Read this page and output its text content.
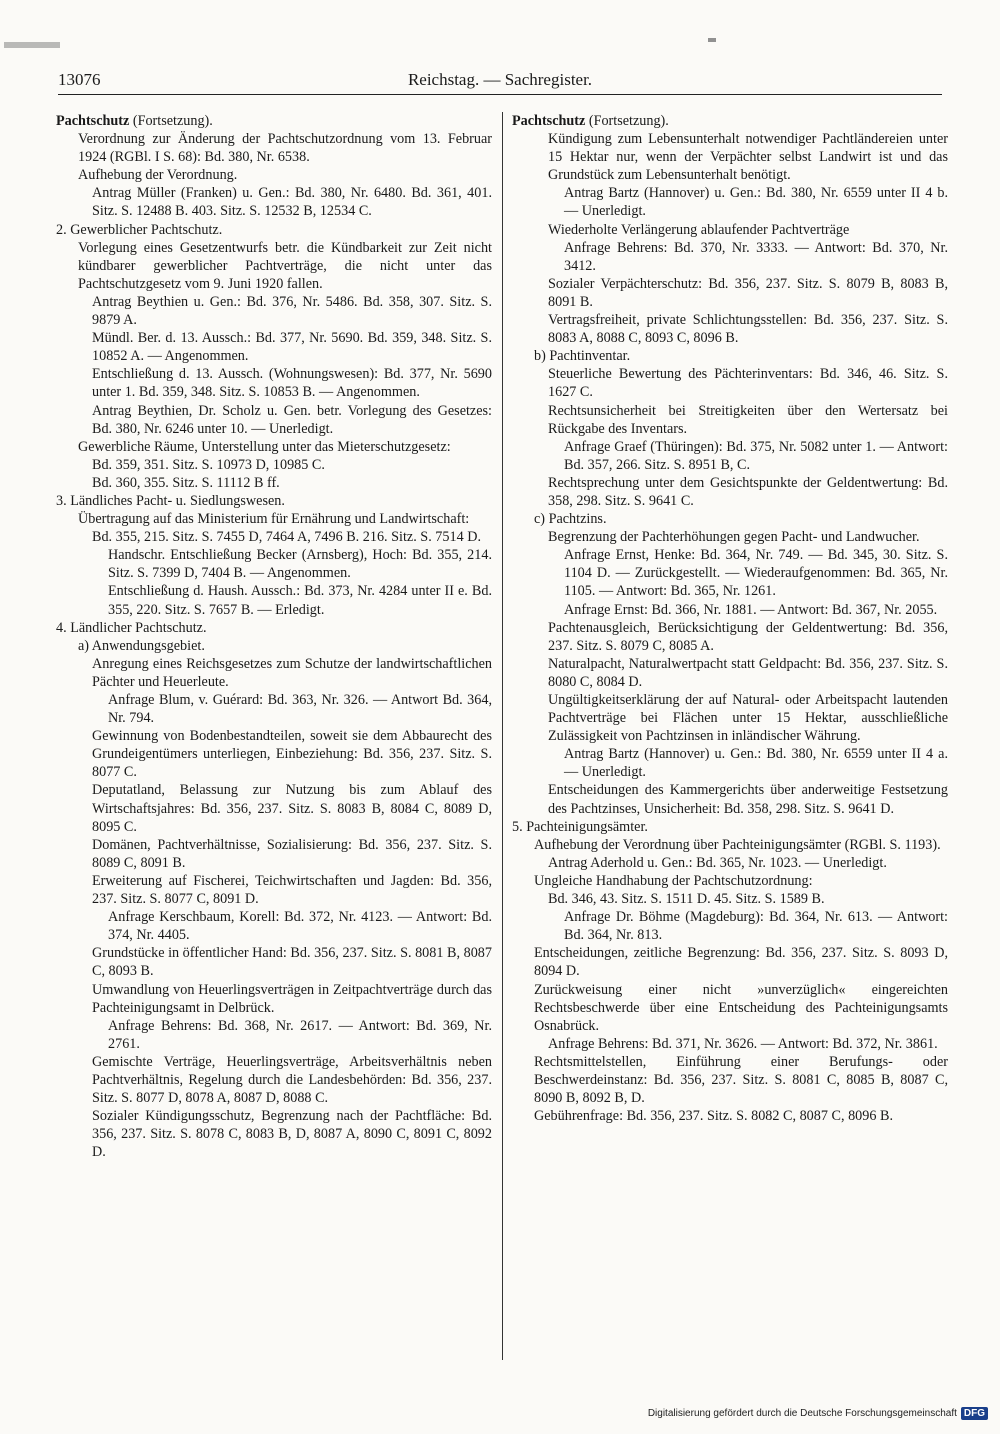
13076	Reichstag. — Sachregister.

Pachtschutz (Fortsetzung).

Verordnung zur Änderung der Pachtschutzordnung vom 13. Februar 1924 (RGBl. I S. 68): Bd. 380, Nr. 6538.

Aufhebung der Verordnung.

Antrag Müller (Franken) u. Gen.: Bd. 380, Nr. 6480. Bd. 361, 401. Sitz. S. 12488 B. 403. Sitz. S. 12532 B, 12534 C.

2. Gewerblicher Pachtschutz.

Vorlegung eines Gesetzentwurfs betr. die Kündbarkeit zur Zeit nicht kündbarer gewerblicher Pachtverträge, die nicht unter das Pachtschutzgesetz vom 9. Juni 1920 fallen.

Antrag Beythien u. Gen.: Bd. 376, Nr. 5486. Bd. 358, 307. Sitz. S. 9879 A.

Mündl. Ber. d. 13. Aussch.: Bd. 377, Nr. 5690. Bd. 359, 348. Sitz. S. 10852 A. — Angenommen.

Entschließung d. 13. Aussch. (Wohnungswesen): Bd. 377, Nr. 5690 unter 1. Bd. 359, 348. Sitz. S. 10853 B. — Angenommen.

Antrag Beythien, Dr. Scholz u. Gen. betr. Vorlegung des Gesetzes: Bd. 380, Nr. 6246 unter 10. — Unerledigt.

Gewerbliche Räume, Unterstellung unter das Mieterschutzgesetz:

Bd. 359, 351. Sitz. S. 10973 D, 10985 C.

Bd. 360, 355. Sitz. S. 11112 B ff.

3. Ländliches Pacht- u. Siedlungswesen.

Übertragung auf das Ministerium für Ernährung und Landwirtschaft:

Bd. 355, 215. Sitz. S. 7455 D, 7464 A, 7496 B. 216. Sitz. S. 7514 D.

Handschr. Entschließung Becker (Arnsberg), Hoch: Bd. 355, 214. Sitz. S. 7399 D, 7404 B. — Angenommen.

Entschließung d. Haush. Aussch.: Bd. 373, Nr. 4284 unter II e. Bd. 355, 220. Sitz. S. 7657 B. — Erledigt.

4. Ländlicher Pachtschutz.

a) Anwendungsgebiet.

Anregung eines Reichsgesetzes zum Schutze der landwirtschaftlichen Pächter und Heuerleute.

Anfrage Blum, v. Guérard: Bd. 363, Nr. 326. — Antwort Bd. 364, Nr. 794.

Gewinnung von Bodenbestandteilen, soweit sie dem Abbaurecht des Grundeigentümers unterliegen, Einbeziehung: Bd. 356, 237. Sitz. S. 8077 C.

Deputatland, Belassung zur Nutzung bis zum Ablauf des Wirtschaftsjahres: Bd. 356, 237. Sitz. S. 8083 B, 8084 C, 8089 D, 8095 C.

Domänen, Pachtverhältnisse, Sozialisierung: Bd. 356, 237. Sitz. S. 8089 C, 8091 B.

Erweiterung auf Fischerei, Teichwirtschaften und Jagden: Bd. 356, 237. Sitz. S. 8077 C, 8091 D.

Anfrage Kerschbaum, Korell: Bd. 372, Nr. 4123. — Antwort: Bd. 374, Nr. 4405.

Grundstücke in öffentlicher Hand: Bd. 356, 237. Sitz. S. 8081 B, 8087 C, 8093 B.

Umwandlung von Heuerlingsverträgen in Zeitpachtverträge durch das Pachteinigungsamt in Delbrück.

Anfrage Behrens: Bd. 368, Nr. 2617. — Antwort: Bd. 369, Nr. 2761.

Gemischte Verträge, Heuerlingsverträge, Arbeitsverhältnis neben Pachtverhältnis, Regelung durch die Landesbehörden: Bd. 356, 237. Sitz. S. 8077 D, 8078 A, 8087 D, 8088 C.

Sozialer Kündigungsschutz, Begrenzung nach der Pachtfläche: Bd. 356, 237. Sitz. S. 8078 C, 8083 B, D, 8087 A, 8090 C, 8091 C, 8092 D.

Pachtschutz (Fortsetzung).

Kündigung zum Lebensunterhalt notwendiger Pachtländereien unter 15 Hektar nur, wenn der Verpächter selbst Landwirt ist und das Grundstück zum Lebensunterhalt benötigt.

Antrag Bartz (Hannover) u. Gen.: Bd. 380, Nr. 6559 unter II 4 b. — Unerledigt.

Wiederholte Verlängerung ablaufender Pachtverträge

Anfrage Behrens: Bd. 370, Nr. 3333. — Antwort: Bd. 370, Nr. 3412.

Sozialer Verpächterschutz: Bd. 356, 237. Sitz. S. 8079 B, 8083 B, 8091 B.

Vertragsfreiheit, private Schlichtungsstellen: Bd. 356, 237. Sitz. S. 8083 A, 8088 C, 8093 C, 8096 B.

b) Pachtinventar.

Steuerliche Bewertung des Pächterinventars: Bd. 346, 46. Sitz. S. 1627 C.

Rechtsunsicherheit bei Streitigkeiten über den Wertersatz bei Rückgabe des Inventars.

Anfrage Graef (Thüringen): Bd. 375, Nr. 5082 unter 1. — Antwort: Bd. 357, 266. Sitz. S. 8951 B, C.

Rechtsprechung unter dem Gesichtspunkte der Geldentwertung: Bd. 358, 298. Sitz. S. 9641 C.

c) Pachtzins.

Begrenzung der Pachterhöhungen gegen Pacht- und Landwucher.

Anfrage Ernst, Henke: Bd. 364, Nr. 749. — Bd. 345, 30. Sitz. S. 1104 D. — Zurückgestellt. — Wiederaufgenommen: Bd. 365, Nr. 1105. — Antwort: Bd. 365, Nr. 1261.

Anfrage Ernst: Bd. 366, Nr. 1881. — Antwort: Bd. 367, Nr. 2055.

Pachtenausgleich, Berücksichtigung der Geldentwertung: Bd. 356, 237. Sitz. S. 8079 C, 8085 A.

Naturalpacht, Naturalwertpacht statt Geldpacht: Bd. 356, 237. Sitz. S. 8080 C, 8084 D.

Ungültigkeitserklärung der auf Natural- oder Arbeitspacht lautenden Pachtverträge bei Flächen unter 15 Hektar, ausschließliche Zulässigkeit von Pachtzinsen in inländischer Währung.

Antrag Bartz (Hannover) u. Gen.: Bd. 380, Nr. 6559 unter II 4 a. — Unerledigt.

Entscheidungen des Kammergerichts über anderweitige Festsetzung des Pachtzinses, Unsicherheit: Bd. 358, 298. Sitz. S. 9641 D.

5. Pachteinigungsämter.

Aufhebung der Verordnung über Pachteinigungsämter (RGBl. S. 1193).

Antrag Aderhold u. Gen.: Bd. 365, Nr. 1023. — Unerledigt.

Ungleiche Handhabung der Pachtschutzordnung:

Bd. 346, 43. Sitz. S. 1511 D. 45. Sitz. S. 1589 B.

Anfrage Dr. Böhme (Magdeburg): Bd. 364, Nr. 613. — Antwort: Bd. 364, Nr. 813.

Entscheidungen, zeitliche Begrenzung: Bd. 356, 237. Sitz. S. 8093 D, 8094 D.

Zurückweisung einer nicht »unverzüglich« eingereichten Rechtsbeschwerde über eine Entscheidung des Pachteinigungsamts Osnabrück.

Anfrage Behrens: Bd. 371, Nr. 3626. — Antwort: Bd. 372, Nr. 3861.

Rechtsmittelstellen, Einführung einer Berufungs- oder Beschwerdeinstanz: Bd. 356, 237. Sitz. S. 8081 C, 8085 B, 8087 C, 8090 B, 8092 B, D.

Gebührenfrage: Bd. 356, 237. Sitz. S. 8082 C, 8087 C, 8096 B.

Digitalisierung gefördert durch die Deutsche Forschungsgemeinschaft DFG
